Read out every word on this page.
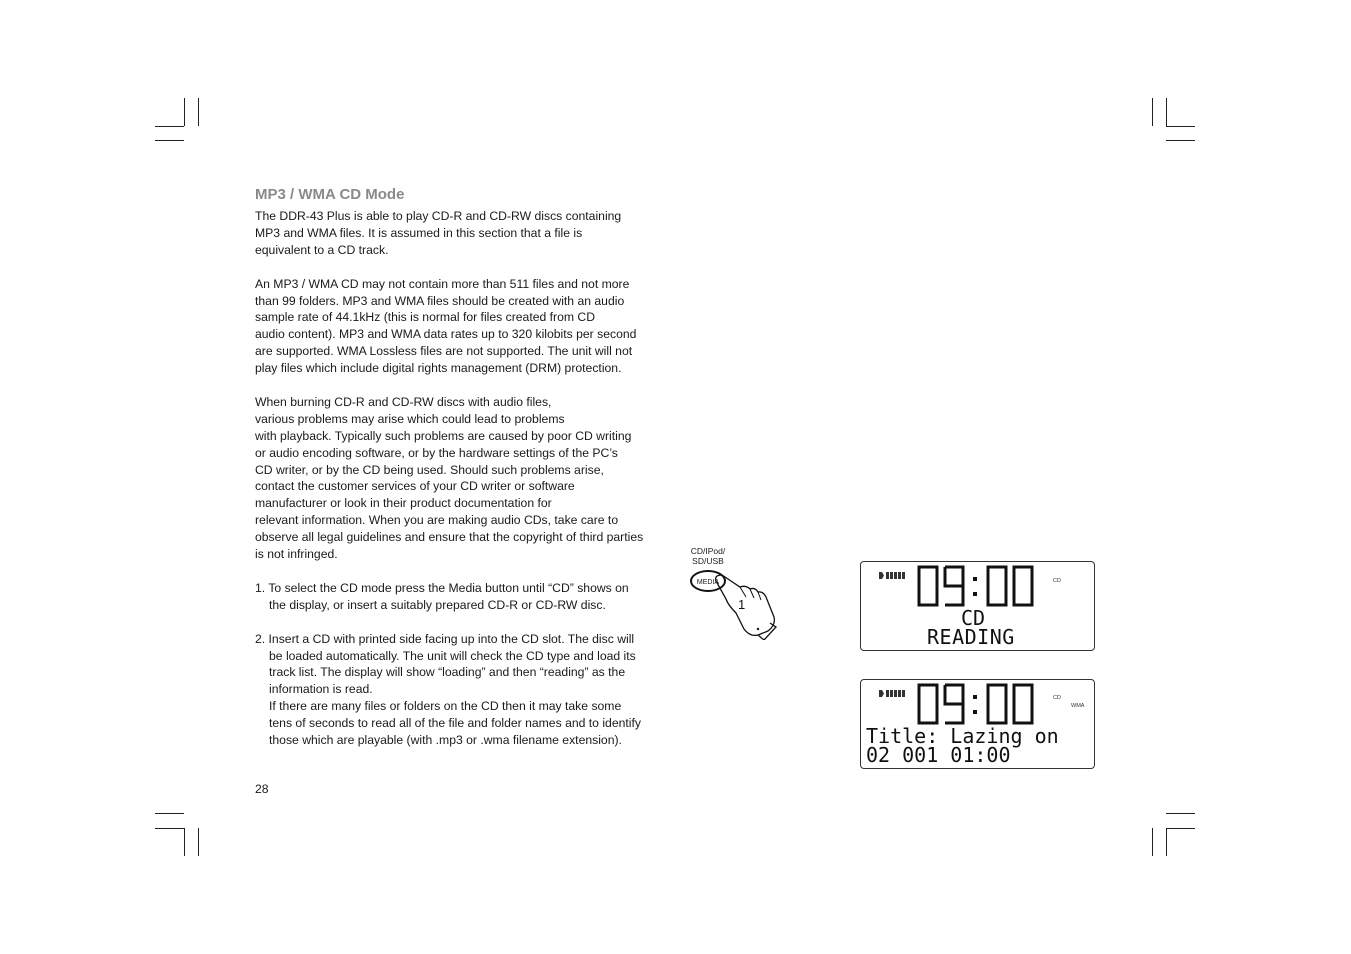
MP3 / WMA CD Mode
The DDR-43 Plus is able to play CD-R and CD-RW discs containing
MP3 and WMA files. It is assumed in this section that a file is
equivalent to a CD track.
An MP3 / WMA CD may not contain more than 511 files and not more
than 99 folders. MP3 and WMA files should be created with an audio
sample rate of 44.1kHz (this is normal for files created from CD
audio content). MP3 and WMA data rates up to 320 kilobits per second
are supported. WMA Lossless files are not supported. The unit will not
play files which include digital rights management (DRM) protection.
When burning CD-R and CD-RW discs with audio files,
various problems may arise which could lead to problems
with playback. Typically such problems are caused by poor CD writing
or audio encoding software, or by the hardware settings of the PC’s
CD writer, or by the CD being used. Should such problems arise,
contact the customer services of your CD writer or software
manufacturer or look in their product documentation for
relevant information. When you are making audio CDs, take care to
observe all legal guidelines and ensure that the copyright of third parties
is not infringed.
1. To select the CD mode press the Media button until “CD” shows on
the display, or insert a suitably prepared CD-R or CD-RW disc.
2. Insert a CD with printed side facing up into the CD slot. The disc will
be loaded automatically. The unit will check the CD type and load its
track list. The display will show “loading” and then “reading” as the
information is read.
If there are many files or folders on the CD then it may take some
tens of seconds to read all of the file and folder names and to identify
those which are playable (with .mp3 or .wma filename extension).
28
CD/IPod/
SD/USB
1
MEDIA	CD
CD
READING
CD
WMA
Title: Lazing on
02 001 01:00
